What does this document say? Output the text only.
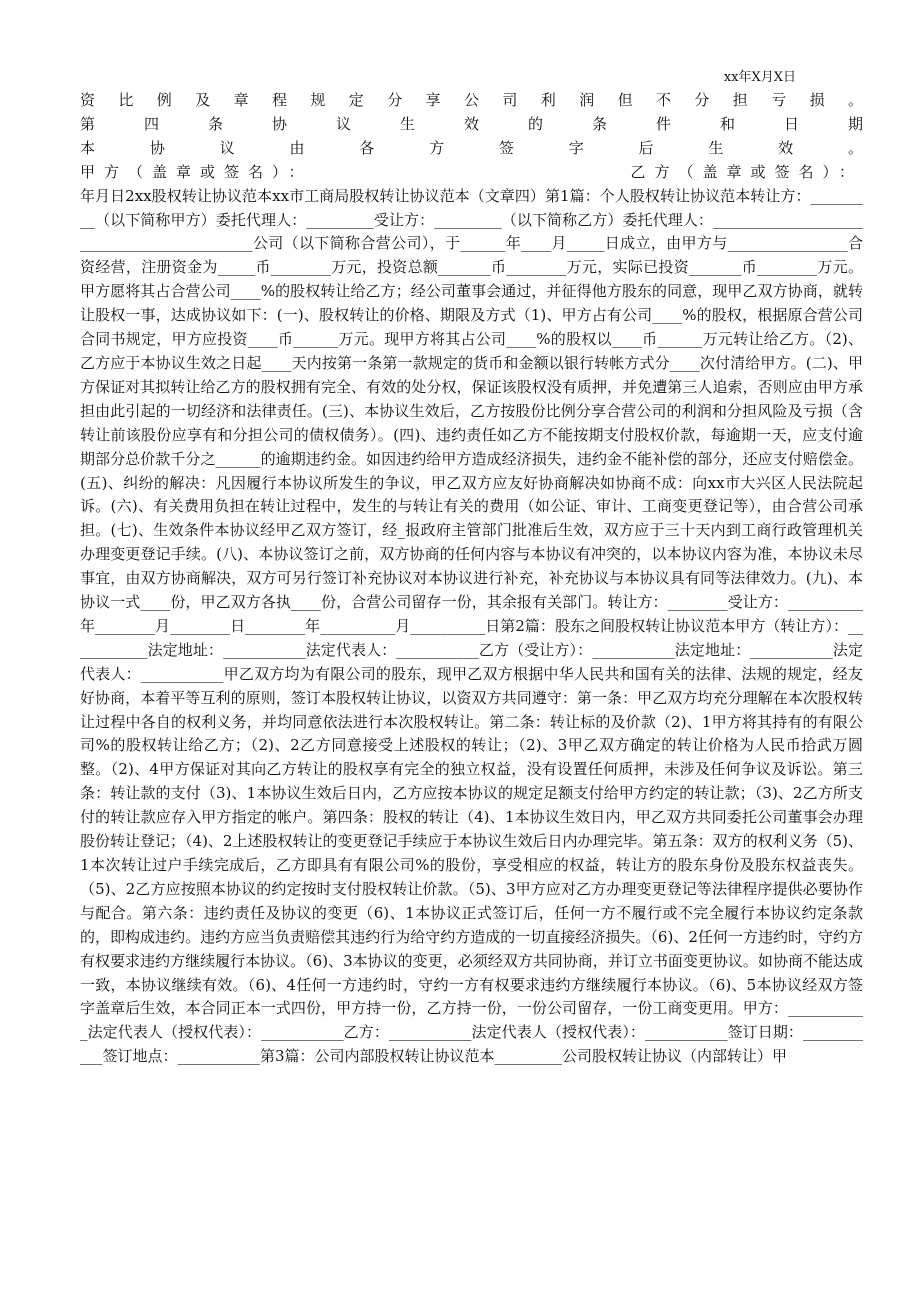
xx年X月X日
资比例及章程规定分享公司利润但不分担亏损。
第四条协议生效的条件和日期
本协议由各方签字后生效。
甲方（盖章或签名）：	乙方（盖章或签名）：
年月日2xx股权转让协议范本xx市工商局股权转让协议范本（文章四）第1篇：个人股权转让协议范本转让方：_________（以下简称甲方）委托代理人：_________受让方：_________（以下简称乙方）委托代理人：___________________________________________公司（以下简称合营公司），于______年____月_____日成立，由甲方与________________合资经营，注册资金为_____币________万元，投资总额_______币________万元，实际已投资_______币________万元。甲方愿将其占合营公司____%的股权转让给乙方；经公司董事会通过，并征得他方股东的同意，现甲乙双方协商，就转让股权一事，达成协议如下：(一)、股权转让的价格、期限及方式（1)、甲方占有公司____%的股权，根据原合营公司合同书规定，甲方应投资____币______万元。现甲方将其占公司____%的股权以____币______万元转让给乙方。（2)、乙方应于本协议生效之日起____天内按第一条第一款规定的货币和金额以银行转帐方式分____次付清给甲方。(二)、甲方保证对其拟转让给乙方的股权拥有完全、有效的处分权，保证该股权没有质押，并免遭第三人追索，否则应由甲方承担由此引起的一切经济和法律责任。(三)、本协议生效后，乙方按股份比例分享合营公司的利润和分担风险及亏损（含转让前该股份应享有和分担公司的债权债务）。(四)、违约责任如乙方不能按期支付股权价款，每逾期一天，应支付逾期部分总价款千分之______的逾期违约金。如因违约给甲方造成经济损失，违约金不能补偿的部分，还应支付赔偿金。(五)、纠纷的解决：凡因履行本协议所发生的争议，甲乙双方应友好协商解决如协商不成：向xx市大兴区人民法院起诉。(六)、有关费用负担在转让过程中，发生的与转让有关的费用（如公证、审计、工商变更登记等），由合营公司承担。(七)、生效条件本协议经甲乙双方签订，经_报政府主管部门批准后生效，双方应于三十天内到工商行政管理机关办理变更登记手续。(八)、本协议签订之前，双方协商的任何内容与本协议有冲突的，以本协议内容为准，本协议未尽事宜，由双方协商解决，双方可另行签订补充协议对本协议进行补充，补充协议与本协议具有同等法律效力。(九)、本协议一式____份，甲乙双方各执____份，合营公司留存一份，其余报有关部门。转让方：________受让方：__________年________月________日________年__________月__________日第2篇：股东之间股权转让协议范本甲方（转让方）：___________法定地址：___________法定代表人：___________乙方（受让方）：___________法定地址：___________法定代表人：___________甲乙双方均为有限公司的股东，现甲乙双方根据中华人民共和国有关的法律、法规的规定，经友好协商，本着平等互利的原则，签订本股权转让协议，以资双方共同遵守：第一条：甲乙双方均充分理解在本次股权转让过程中各自的权利义务，并均同意依法进行本次股权转让。第二条：转让标的及价款（2)、1甲方将其持有的有限公司%的股权转让给乙方；（2)、2乙方同意接受上述股权的转让；（2)、3甲乙双方确定的转让价格为人民币拾武万圆整。（2)、4甲方保证对其向乙方转让的股权享有完全的独立权益，没有设置任何质押，未涉及任何争议及诉讼。第三条：转让款的支付（3)、1本协议生效后日内，乙方应按本协议的规定足额支付给甲方约定的转让款；（3)、2乙方所支付的转让款应存入甲方指定的帐户。第四条：股权的转让（4)、1本协议生效日内，甲乙双方共同委托公司董事会办理股份转让登记；（4)、2上述股权转让的变更登记手续应于本协议生效后日内办理完毕。第五条：双方的权利义务（5)、1本次转让过户手续完成后，乙方即具有有限公司%的股份，享受相应的权益，转让方的股东身份及股东权益丧失。（5)、2乙方应按照本协议的约定按时支付股权转让价款。（5)、3甲方应对乙方办理变更登记等法律程序提供必要协作与配合。第六条：违约责任及协议的变更（6)、1本协议正式签订后，任何一方不履行或不完全履行本协议约定条款的，即构成违约。违约方应当负责赔偿其违约行为给守约方造成的一切直接经济损失。（6)、2任何一方违约时，守约方有权要求违约方继续履行本协议。（6)、3本协议的变更，必须经双方共同协商，并订立书面变更协议。如协商不能达成一致，本协议继续有效。（6)、4任何一方违约时，守约一方有权要求违约方继续履行本协议。（6)、5本协议经双方签字盖章后生效，本合同正本一式四份，甲方持一份，乙方持一份，一份公司留存，一份工商变更用。甲方：___________法定代表人（授权代表）：___________乙方：___________法定代表人（授权代表）：___________签订日期：___________签订地点：___________第3篇：公司内部股权转让协议范本_________公司股权转让协议（内部转让）甲
